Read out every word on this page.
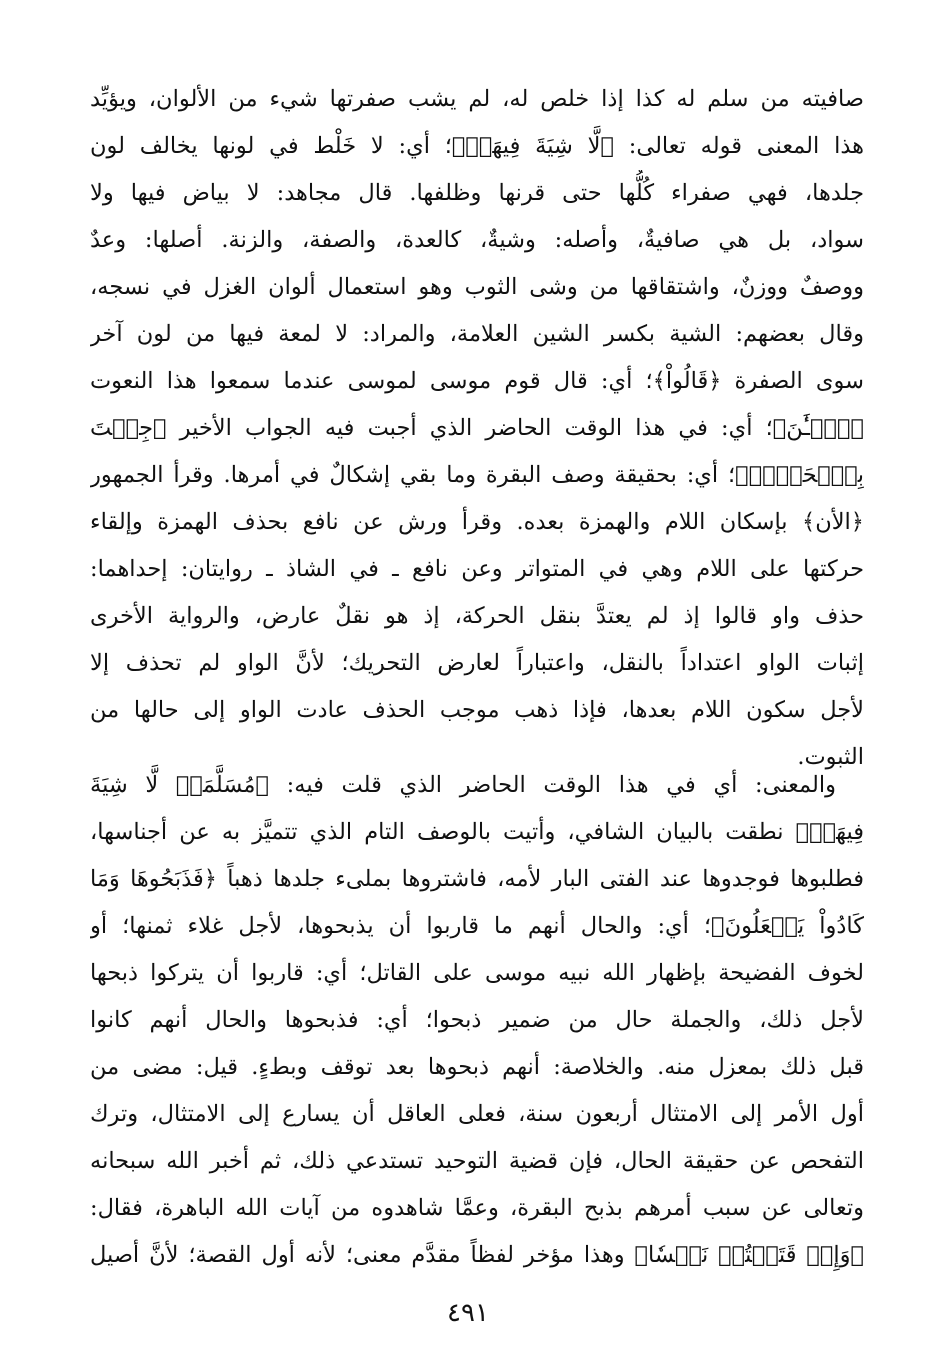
صافيته من سلم له كذا إذا خلص له، لم يشب صفرتها شيء من الألوان، ويؤيِّد
هذا المعنى قوله تعالى: ﴿لَّا شِيَةَ فِيهَاۚ﴾؛ أي: لا خَلْط في لونها يخالف لون
جلدها، فهي صفراء كُلُّها حتى قرنها وظلفها. قال مجاهد: لا بياض فيها ولا
سواد، بل هي صافيةٌ، وأصله: وشيةٌ، كالعدة، والصفة، والزنة. أصلها: وعدٌ
ووصفٌ ووزنٌ، واشتقاقها من وشى الثوب وهو استعمال ألوان الغزل في نسجه،
وقال بعضهم: الشية بكسر الشين العلامة، والمراد: لا لمعة فيها من لون آخر
سوى الصفرة ﴿قَالُواْ﴾؛ أي: قال قوم موسى لموسى عندما سمعوا هذا النعوت
﴿ٱلۡـَٰٔنَ﴾؛ أي: في هذا الوقت الحاضر الذي أجبت فيه الجواب الأخير ﴿جِئۡتَ
بِٱلۡحَقِّۚ﴾؛ أي: بحقيقة وصف البقرة وما بقي إشكالٌ في أمرها. وقرأ الجمهور
﴿الأن﴾ بإسكان اللام والهمزة بعده. وقرأ ورش عن نافع بحذف الهمزة وإلقاء
حركتها على اللام وهي في المتواتر وعن نافع ـ في الشاذ ـ روايتان: إحداهما:
حذف واو قالوا إذ لم يعتدَّ بنقل الحركة، إذ هو نقلٌ عارض، والرواية الأخرى
إثبات الواو اعتداداً بالنقل، واعتباراً لعارض التحريك؛ لأنَّ الواو لم تحذف إلا
لأجل سكون اللام بعدها، فإذا ذهب موجب الحذف عادت الواو إلى حالها من
الثبوت.
والمعنى: أي في هذا الوقت الحاضر الذي قلت فيه: ﴿مُسَلَّمَةٞ لَّا شِيَةَ
فِيهَاۚ﴾ نطقت بالبيان الشافي، وأتيت بالوصف التام الذي تتميَّز به عن أجناسها،
فطلبوها فوجدوها عند الفتى البار لأمه، فاشتروها بملىء جلدها ذهباً ﴿فَذَبَحُوهَا وَمَا
كَادُواْ يَفۡعَلُونَ﴾؛ أي: والحال أنهم ما قاربوا أن يذبحوها، لأجل غلاء ثمنها؛ أو
لخوف الفضيحة بإظهار الله نبيه موسى على القاتل؛ أي: قاربوا أن يتركوا ذبحها
لأجل ذلك، والجملة حال من ضمير ذبحوا؛ أي: فذبحوها والحال أنهم كانوا
قبل ذلك بمعزل منه. والخلاصة: أنهم ذبحوها بعد توقف وبطءٍ. قيل: مضى من
أول الأمر إلى الامتثال أربعون سنة، فعلى العاقل أن يسارع إلى الامتثال، وترك
التفحص عن حقيقة الحال، فإن قضية التوحيد تستدعي ذلك، ثم أخبر الله سبحانه
وتعالى عن سبب أمرهم بذبح البقرة، وعمَّا شاهدوه من آيات الله الباهرة، فقال:
﴿وَإِذۡ قَتَلۡتُمۡ نَفۡسٗا﴾ وهذا مؤخر لفظاً مقدَّم معنى؛ لأنه أول القصة؛ لأنَّ أصيل
٤٩١
